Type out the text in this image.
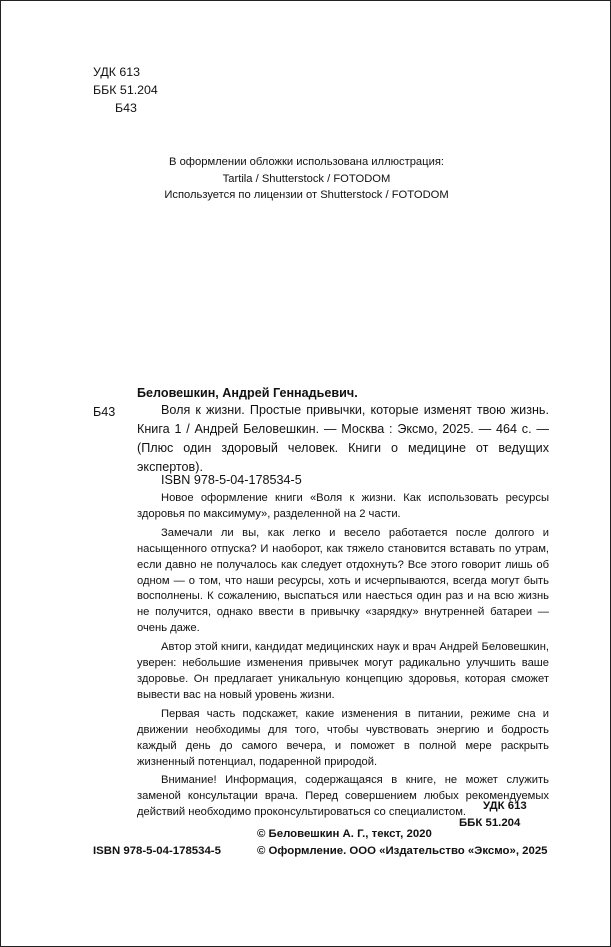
УДК 613
ББК 51.204
Б43
В оформлении обложки использована иллюстрация:
Tartila / Shutterstock / FOTODOM
Используется по лицензии от Shutterstock / FOTODOM
Беловешкин, Андрей Геннадьевич.
Б43	Воля к жизни. Простые привычки, которые изменят твою жизнь. Книга 1 / Андрей Беловешкин. — Москва : Эксмо, 2025. — 464 с. — (Плюс один здоровый человек. Книги о медицине от ведущих экспертов).
ISBN 978-5-04-178534-5

Новое оформление книги «Воля к жизни. Как использовать ресурсы здоровья по максимуму», разделенной на 2 части.

Замечали ли вы, как легко и весело работается после долгого и насыщенного отпуска? И наоборот, как тяжело становится вставать по утрам, если давно не получалось как следует отдохнуть? Все этого говорит лишь об одном — о том, что наши ресурсы, хоть и исчерпываются, всегда могут быть восполнены. К сожалению, выспаться или наесться один раз и на всю жизнь не получится, однако ввести в привычку «зарядку» внутренней батареи — очень даже.

Автор этой книги, кандидат медицинских наук и врач Андрей Беловешкин, уверен: небольшие изменения привычек могут радикально улучшить ваше здоровье. Он предлагает уникальную концепцию здоровья, которая сможет вывести вас на новый уровень жизни.

Первая часть подскажет, какие изменения в питании, режиме сна и движении необходимы для того, чтобы чувствовать энергию и бодрость каждый день до самого вечера, и поможет в полной мере раскрыть жизненный потенциал, подаренной природой.

Внимание! Информация, содержащаяся в книге, не может служить заменой консультации врача. Перед совершением любых рекомендуемых действий необходимо проконсультироваться со специалистом.

УДК 613
ББК 51.204
© Беловешкин А. Г., текст, 2020
© Оформление. ООО «Издательство «Эксмо», 2025
ISBN 978-5-04-178534-5
